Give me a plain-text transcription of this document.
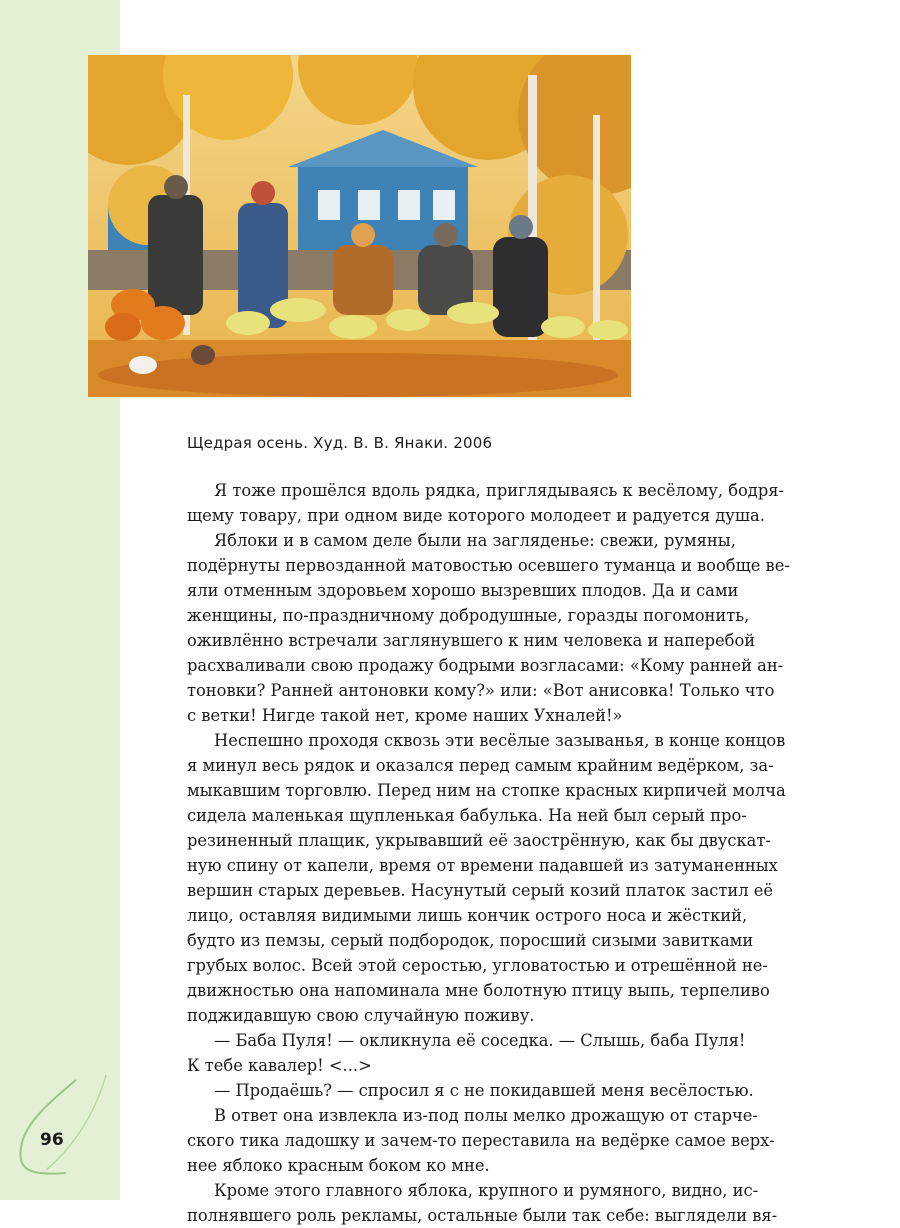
Щедрая осень. Худ. В. В. Янаки. 2006

Я тоже прошёлся вдоль рядка, приглядываясь к весёлому, бодря-

щему товару, при одном виде которого молодеет и радуется душа.

Яблоки и в самом деле были на загляденье: свежи, румяны,

подёрнуты первозданной матовостью осевшего туманца и вообще ве-

яли отменным здоровьем хорошо вызревших плодов. Да и сами

женщины, по-праздничному добродушные, горазды погомонить,

оживлённо встречали заглянувшего к ним человека и наперебой

расхваливали свою продажу бодрыми возгласами: «Кому ранней ан-

тоновки? Ранней антоновки кому?» или: «Вот анисовка! Только что

с ветки! Нигде такой нет, кроме наших Ухналей!»

Неспешно проходя сквозь эти весёлые зазыванья, в конце концов

я минул весь рядок и оказался перед самым крайним ведёрком, за-

мыкавшим торговлю. Перед ним на стопке красных кирпичей молча

сидела маленькая щупленькая бабулька. На ней был серый про-

резиненный плащик, укрывавший её заострённую, как бы двускат-

ную спину от капели, время от времени падавшей из затуманенных

вершин старых деревьев. Насунутый серый козий платок застил её

лицо, оставляя видимыми лишь кончик острого носа и жёсткий,

будто из пемзы, серый подбородок, поросший сизыми завитками

грубых волос. Всей этой серостью, угловатостью и отрешённой не-

движностью она напоминала мне болотную птицу выпь, терпеливо

поджидавшую свою случайную поживу.

— Баба Пуля! — окликнула её соседка. — Слышь, баба Пуля!

К тебе кавалер! <...>

— Продаёшь? — спросил я с не покидавшей меня весёлостью.

В ответ она извлекла из-под полы мелко дрожащую от старче-

ского тика ладошку и зачем-то переставила на ведёрке самое верх-

нее яблоко красным боком ко мне.

Кроме этого главного яблока, крупного и румяного, видно, ис-

полнявшего роль рекламы, остальные были так себе: выглядели вя-

96
